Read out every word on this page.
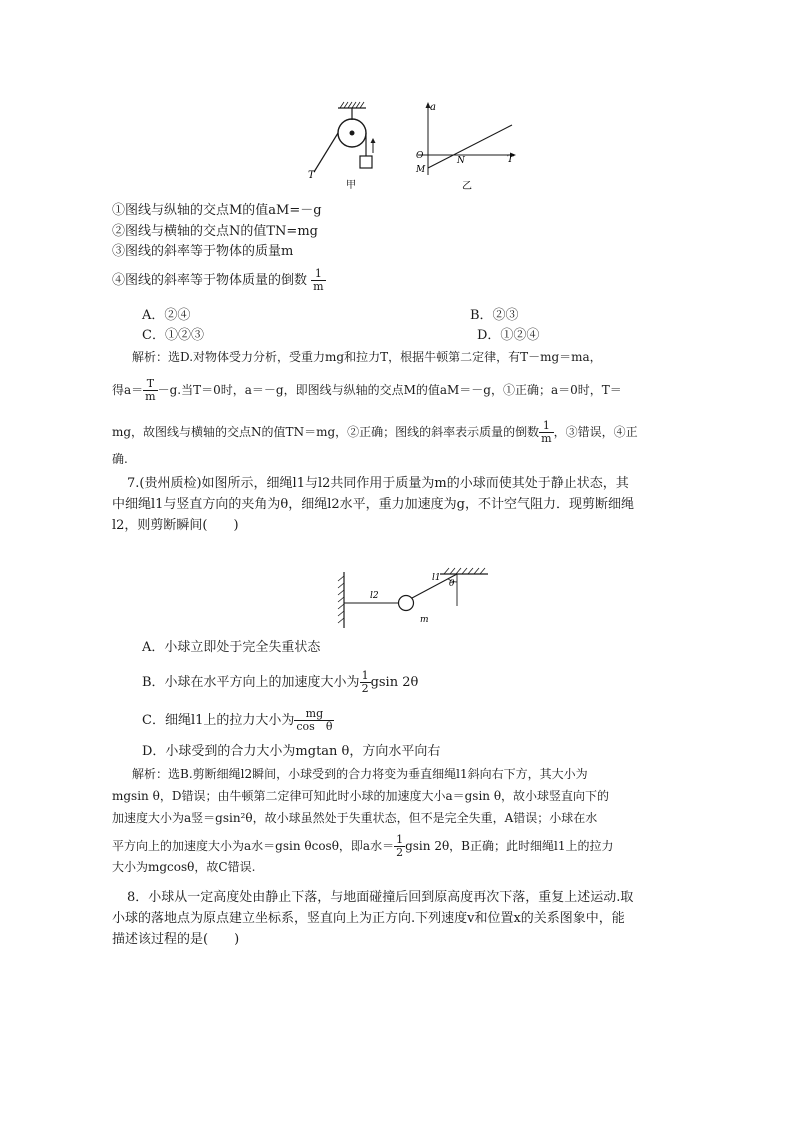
T
甲
a
O
M
N	T
乙
①图线与纵轴的交点M的值aM=－g
②图线与横轴的交点N的值TN=mg
③图线的斜率等于物体的质量m
④图线的斜率等于物体质量的倒数 $\frac{1}{m}$
A．②④	B．②③
C．①②③	D．①②④
解析：选D.对物体受力分析，受重力mg和拉力T，根据牛顿第二定律，有T－mg＝ma，
得$a= \frac{T}{m} -g$.当T＝0时，a＝－g，即图线与纵轴的交点M的值aM＝－g，①正确；a＝0时，T＝
mg，故图线与横轴的交点N的值TN＝mg，②正确；图线的斜率表示质量的倒数 $\frac{1}{m}$ ，③错误，④正
确.
7.(贵州质检)如图所示，细绳l1与l2共同作用于质量为m的小球而使其处于静止状态，其
中细绳l1与竖直方向的夹角为θ，细绳l2水平，重力加速度为g，不计空气阻力．现剪断细绳
l2，则剪断瞬间(　　)
l1
θ
l2
m
A．小球立即处于完全失重状态
B．小球在水平方向上的加速度大小为 $\frac{1}{2}$ gsin 2θ
C．细绳l1上的拉力大小为 $\frac{mg}{\text{cos　θ}}$
D．小球受到的合力大小为mgtan θ，方向水平向右
解析：选B.剪断细绳l2瞬间，小球受到的合力将变为垂直细绳l1斜向右下方，其大小为
mgsin θ，D错误；由牛顿第二定律可知此时小球的加速度大小a＝gsin θ，故小球竖直向下的
加速度大小为a竖＝gsin²θ，故小球虽然处于失重状态，但不是完全失重，A错误；小球在水
平方向上的加速度大小为a水＝gsin θcosθ，即a水＝ $\frac{1}{2}$ gsin 2θ，B正确；此时细绳l1上的拉力
大小为mgcosθ，故C错误.
8．小球从一定高度处由静止下落，与地面碰撞后回到原高度再次下落，重复上述运动.取
小球的落地点为原点建立坐标系，竖直向上为正方向.下列速度v和位置x的关系图象中，能
描述该过程的是(　　)
